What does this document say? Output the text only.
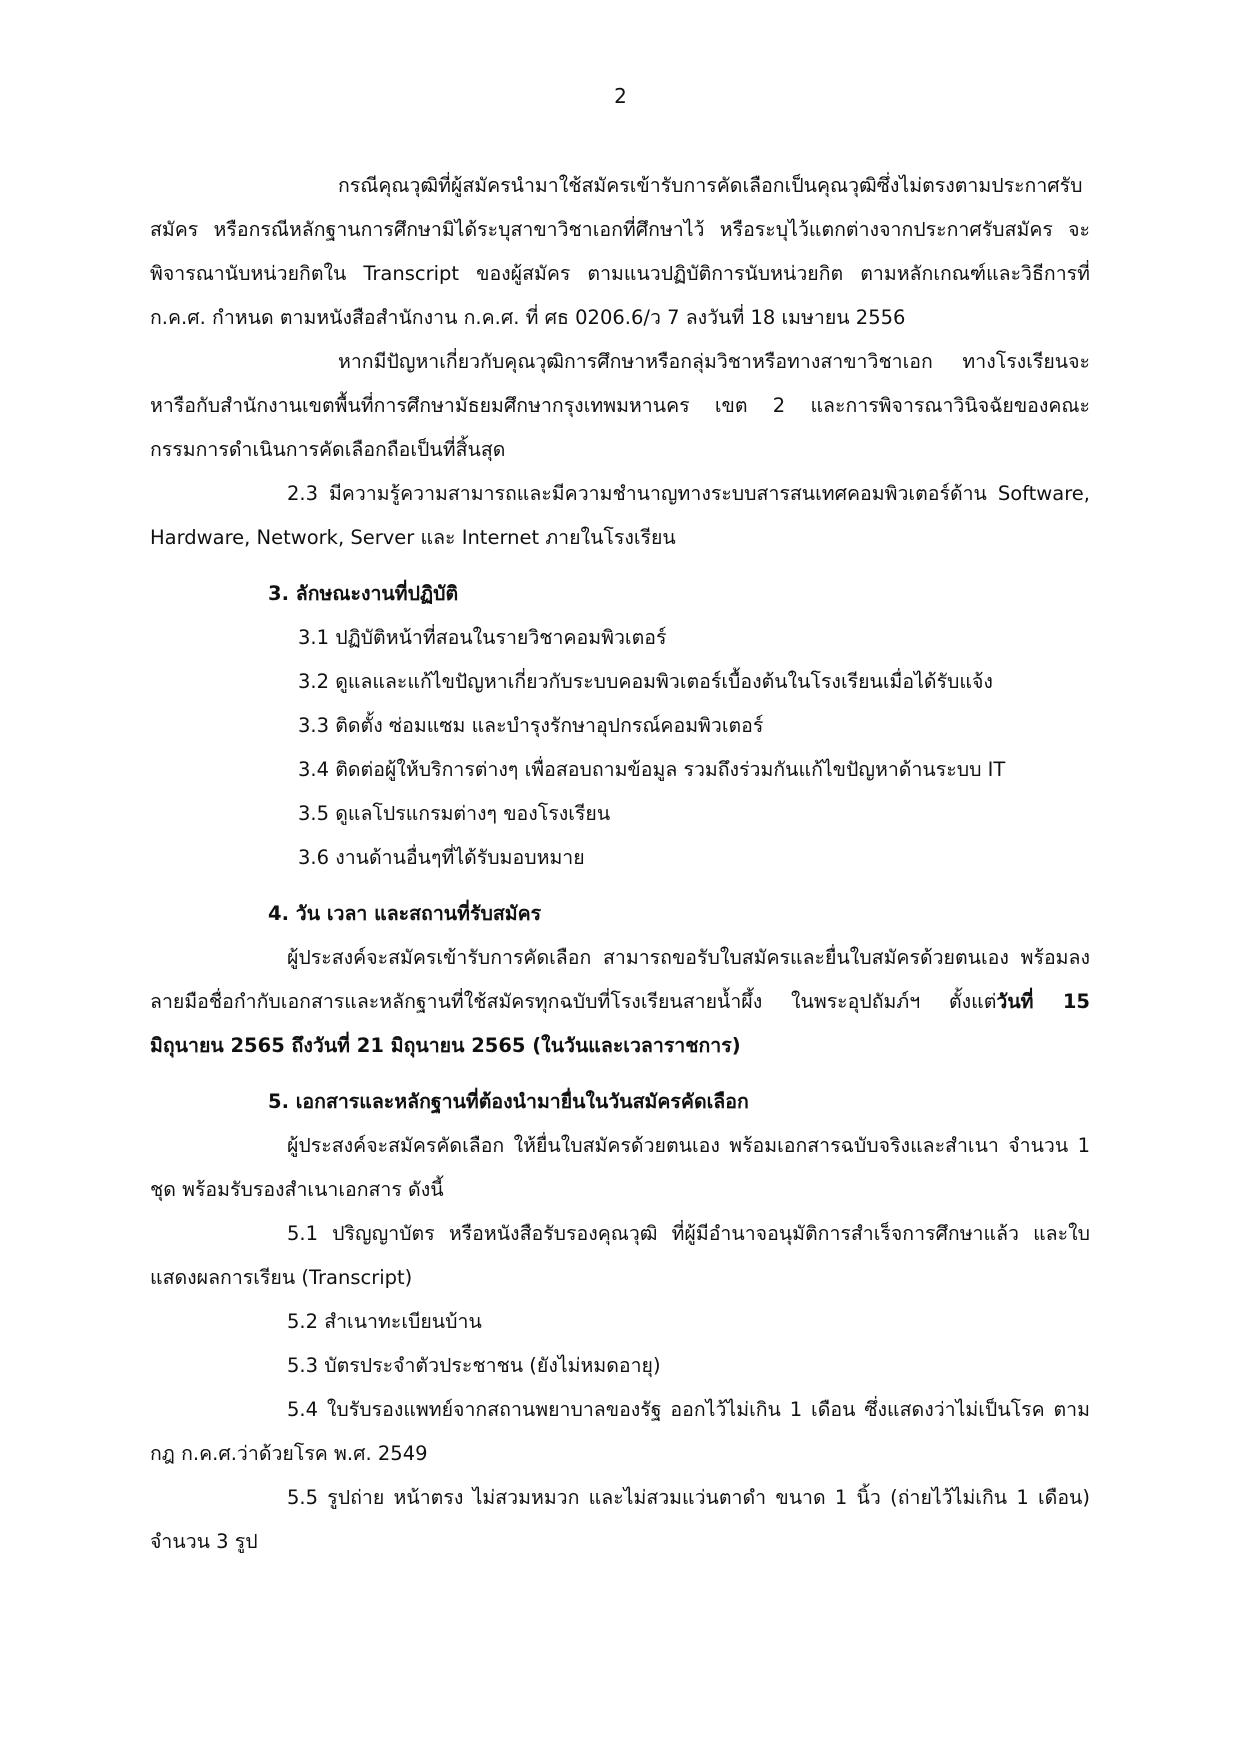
2

กรณีคุณวุฒิที่ผู้สมัครนำมาใช้สมัครเข้ารับการคัดเลือกเป็นคุณวุฒิซึ่งไม่ตรงตามประกาศรับสมัคร หรือกรณีหลักฐานการศึกษามิได้ระบุสาขาวิชาเอกที่ศึกษาไว้ หรือระบุไว้แตกต่างจากประกาศรับสมัคร จะพิจารณานับหน่วยกิตใน Transcript ของผู้สมัคร ตามแนวปฏิบัติการนับหน่วยกิต ตามหลักเกณฑ์และวิธีการที่ ก.ค.ศ. กำหนด ตามหนังสือสำนักงาน ก.ค.ศ. ที่ ศธ 0206.6/ว 7 ลงวันที่ 18 เมษายน 2556

หากมีปัญหาเกี่ยวกับคุณวุฒิการศึกษาหรือกลุ่มวิชาหรือทางสาขาวิชาเอก ทางโรงเรียนจะหารือกับสำนักงานเขตพื้นที่การศึกษามัธยมศึกษากรุงเทพมหานคร เขต 2 และการพิจารณาวินิจฉัยของคณะกรรมการดำเนินการคัดเลือกถือเป็นที่สิ้นสุด

2.3 มีความรู้ความสามารถและมีความชำนาญทางระบบสารสนเทศคอมพิวเตอร์ด้าน Software, Hardware, Network, Server และ Internet ภายในโรงเรียน

3. ลักษณะงานที่ปฏิบัติ

3.1 ปฏิบัติหน้าที่สอนในรายวิชาคอมพิวเตอร์

3.2 ดูแลและแก้ไขปัญหาเกี่ยวกับระบบคอมพิวเตอร์เบื้องต้นในโรงเรียนเมื่อได้รับแจ้ง

3.3 ติดตั้ง ซ่อมแซม และบำรุงรักษาอุปกรณ์คอมพิวเตอร์

3.4 ติดต่อผู้ให้บริการต่างๆ เพื่อสอบถามข้อมูล รวมถึงร่วมกันแก้ไขปัญหาด้านระบบ IT

3.5 ดูแลโปรแกรมต่างๆ ของโรงเรียน

3.6 งานด้านอื่นๆที่ได้รับมอบหมาย

4. วัน เวลา และสถานที่รับสมัคร

ผู้ประสงค์จะสมัครเข้ารับการคัดเลือก สามารถขอรับใบสมัครและยื่นใบสมัครด้วยตนเอง พร้อมลงลายมือชื่อกำกับเอกสารและหลักฐานที่ใช้สมัครทุกฉบับที่โรงเรียนสายน้ำผึ้ง ในพระอุปถัมภ์ฯ ตั้งแต่วันที่ 15 มิถุนายน 2565 ถึงวันที่ 21 มิถุนายน 2565 (ในวันและเวลาราชการ)

5. เอกสารและหลักฐานที่ต้องนำมายื่นในวันสมัครคัดเลือก

ผู้ประสงค์จะสมัครคัดเลือก ให้ยื่นใบสมัครด้วยตนเอง พร้อมเอกสารฉบับจริงและสำเนา จำนวน 1 ชุด พร้อมรับรองสำเนาเอกสาร ดังนี้

5.1 ปริญญาบัตร หรือหนังสือรับรองคุณวุฒิ ที่ผู้มีอำนาจอนุมัติการสำเร็จการศึกษาแล้ว และใบแสดงผลการเรียน (Transcript)

5.2 สำเนาทะเบียนบ้าน

5.3 บัตรประจำตัวประชาชน (ยังไม่หมดอายุ)

5.4 ใบรับรองแพทย์จากสถานพยาบาลของรัฐ ออกไว้ไม่เกิน 1 เดือน ซึ่งแสดงว่าไม่เป็นโรค ตามกฎ ก.ค.ศ.ว่าด้วยโรค พ.ศ. 2549

5.5 รูปถ่าย หน้าตรง ไม่สวมหมวก และไม่สวมแว่นตาดำ ขนาด 1 นิ้ว (ถ่ายไว้ไม่เกิน 1 เดือน) จำนวน 3 รูป
